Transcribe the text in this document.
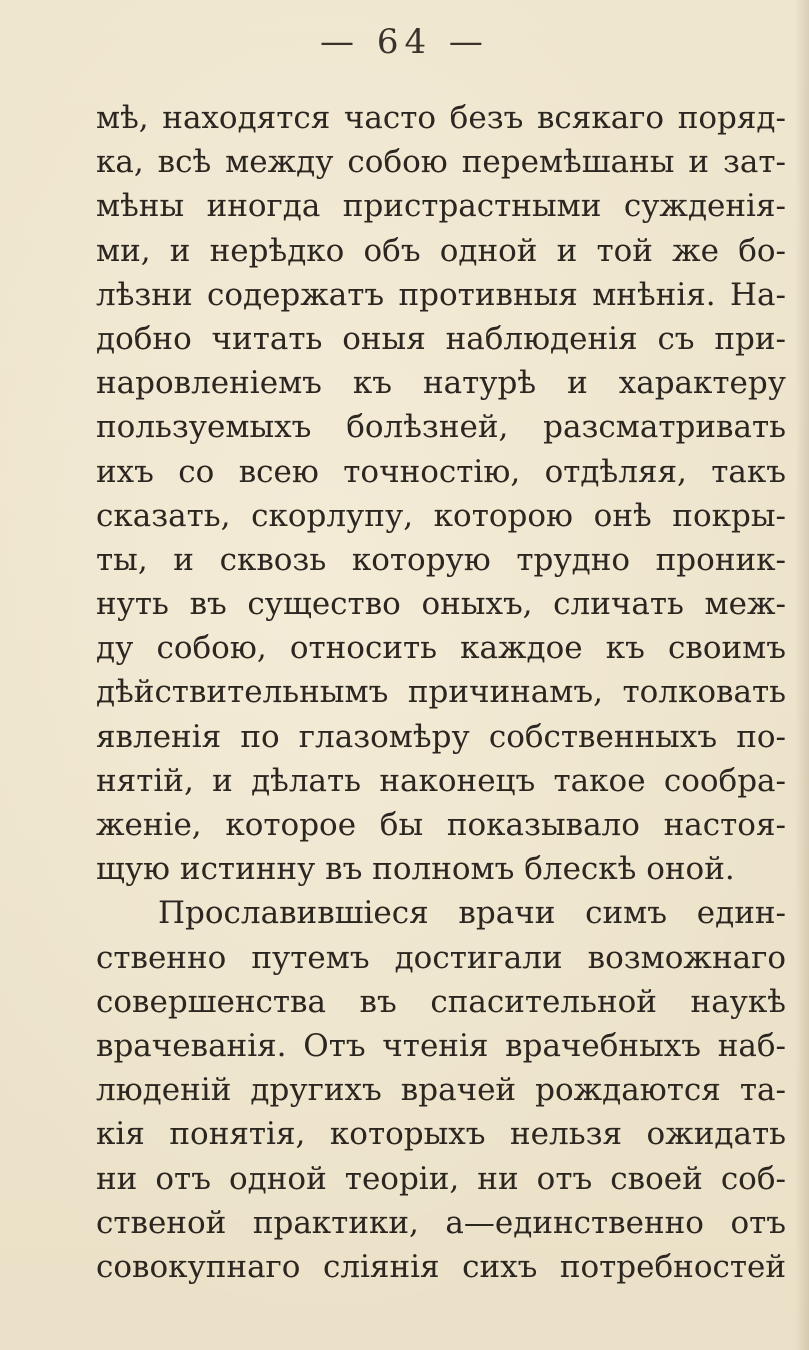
— 64 —
мѣ, находятся часто безъ всякаго поряд-
ка, всѣ между собою перемѣшаны и зат-
мѣны иногда пристрастными сужденія-
ми, и нерѣдко объ одной и той же бо-
лѣзни содержатъ противныя мнѣнія. На-
добно читать оныя наблюденія съ при-
наровленіемъ къ натурѣ и характеру
пользуемыхъ болѣзней, разсматривать
ихъ со всею точностію, отдѣляя, такъ
сказать, скорлупу, которою онѣ покры-
ты, и сквозь которую трудно проник-
нуть въ существо оныхъ, сличать меж-
ду собою, относить каждое къ своимъ
дѣйствительнымъ причинамъ, толковать
явленія по глазомѣру собственныхъ по-
нятій, и дѣлать наконецъ такое сообра-
женіе, которое бы показывало настоя-
щую истинну въ полномъ блескѣ оной.
Прославившіеся врачи симъ един-
ственно путемъ достигали возможнаго
совершенства въ спасительной наукѣ
врачеванія. Отъ чтенія врачебныхъ наб-
людeній другихъ врачей рождаются та-
кія понятія, которыхъ нельзя ожидать
ни отъ одной теоріи, ни отъ своей соб-
ственой практики, а—единственно отъ
совокупнаго слiянія сихъ потребностей
